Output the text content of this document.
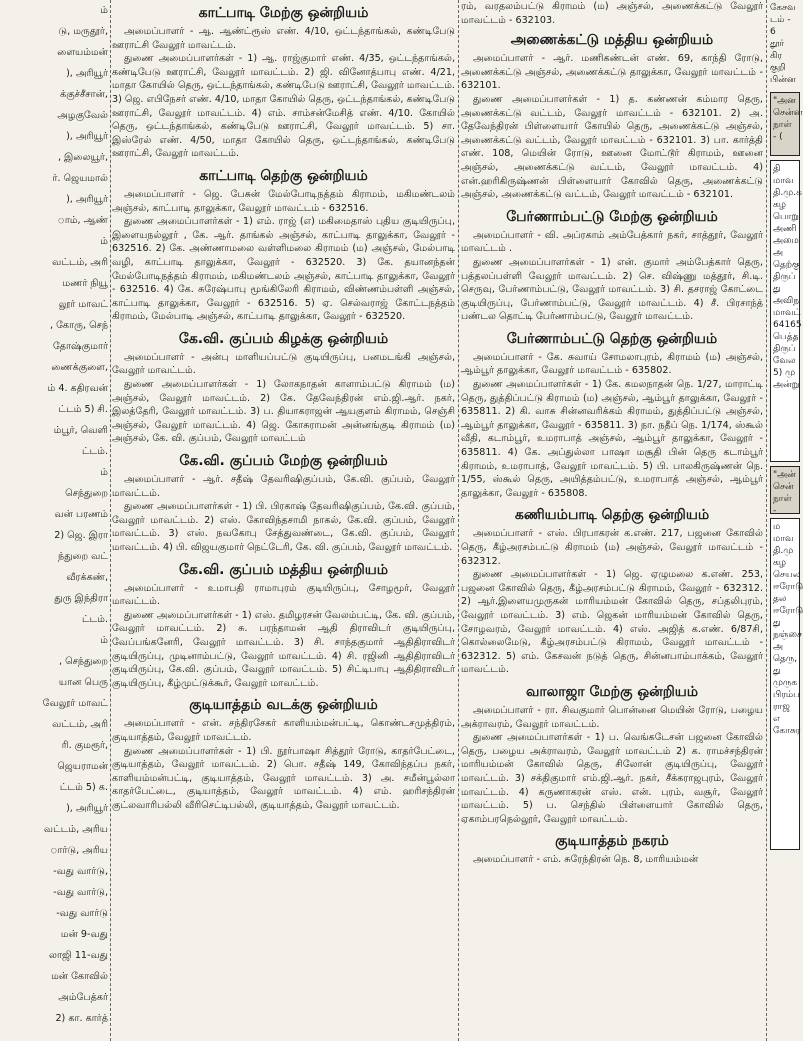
ம்

டு, மருதூர்,

ளையம்மன்

), அரியூர்

க்குச்சீசான்,

அழகுவேல்

), அரியூர்

, இலையூர்,

ர். ஜெயமால்

), அரியூர்

ாம், ஆண்

ம்

வட்டம், அரி

மணர் நியூ

லூர் மாவட்

, கோரு, செந்

தோஷ்குமார்

ணைக்குளை,

ம் 4. கதிரவன்

ட்டம் 5) சி.

ம்பூர், வெளி

ட்டம்.

ம்

செந்துறை

வன் பரணம்

2) ஜெ. இரா

ந்துறை வட்

வீரக்கண்,

துரு இந்திரா

ட்டம்.

ம்

, செந்துறை

யான பெரு

வேலூர் மாவட்

வட்டம், அரி

ரி. குமரூர்,

ஜெயராமன்

ட்டம் 5) க.

), அரியூர்

வட்டம், அரிய

ார்டு, அரிய

-வது வார்டு,

-வது வார்டு,

-வது வார்டு

மன் 9-வது

லாஜி 11-வது

மன் கோவில்

அம்பேத்கர்

2) கா. கார்த்

காட்பாடி மேற்கு ஒன்றியம்

அமைப்பாளர் - ஆ. ஆண்ட்ரூஸ் எண். 4/10, ஒட்டந்தாங்கல், கண்டிபேடு ஊராட்சி வேலூர் மாவட்டம்.

துணை அமைப்பாளர்கள் - 1) ஆ. ராஜ்குமார் எண். 4/35, ஒட்டந்தாங்கல், கண்டிபேடு ஊராட்சி, வேலூர் மாவட்டம். 2) ஜி. வினோத்பாபு எண். 4/21, மாதா கோயில் தெரு, ஒட்டந்தாங்கல், கண்டிபேடு ஊராட்சி, வேலூர் மாவட்டம். 3) ஜெ. எபிநேசர் எண். 4/10, மாதா கோயில் தெரு, ஒட்டந்தாங்கல், கண்டிபேடு ஊராட்சி, வேலூர் மாவட்டம். 4) எம். சாம்சன்மேசித் எண். 4/10. கோயில் தெரு, ஒட்டந்தாங்கல், கண்டிபேடு ஊராட்சி, வேலூர் மாவட்டம். 5) சா. இஸ்ரேல் எண். 4/50, மாதா கோயில் தெரு, ஒட்டந்தாங்கல், கண்டிபேடு ஊராட்சி, வேலூர் மாவட்டம்.

காட்பாடி தெற்கு ஒன்றியம்

அமைப்பாளர் - ஜெ. பேசுன் மேல்போடிநத்தம் கிராமம், மகிமண்டலம் அஞ்சல், காட்பாடி தாலுக்கா, வேலூர் மாவட்டம் - 632516.

துணை அமைப்பாளர்கள் - 1) எம். ராஜ் (எ) மகிமைதாஸ் புதிய குடியிருப்பு, இளையநல்லூர் , கே. ஆர். தாங்கல் அஞ்சல், காட்பாடி தாலுக்கா, வேலூர் - 632516. 2) கே. அண்ணாமலை வள்ளிமலை கிராமம் (ம) அஞ்சல், மேல்பாடி வழி, காட்பாடி தாலுக்கா, வேலூர் - 632520. 3) கே. தயானந்தன் மேல்போடிநத்தம் கிராமம், மகிமண்டலம் அஞ்சல், காட்பாடி தாலுக்கா, வேலூர் - 632516. 4) கே. சுரேஷ்பாபு மூங்கிலேரி கிராமம், விண்ணம்பள்ளி அஞ்சல், காட்பாடி தாலுக்கா, வேலூர் - 632516. 5) ஏ. செல்வராஜ் கோட்டநத்தம் கிராமம், மேல்பாடி அஞ்சல், காட்பாடி தாலுக்கா, வேலூர் - 632520.

கே.வி. குப்பம் கிழக்கு ஒன்றியம்

அமைப்பாளர் - அன்பு மாளியப்பட்டு குடியிருப்பு, பனமடங்கி அஞ்சல், வேலூர் மாவட்டம்.

துணை அமைப்பாளர்கள் - 1) லோகநாதன் காளாம்பட்டு கிராமம் (ம) அஞ்சல், வேலூர் மாவட்டம். 2) கே. தேவேந்திரன் எம்.ஜி.ஆர். நகர், இலத்தேரி, வேலூர் மாவட்டம். 3) ப. தியாகராஜன் ஆயகுளம் கிராமம், செஞ்சி அஞ்சல், வேலூர் மாவட்டம். 4) ஜெ. கோசுராமன் அன்னங்குடி கிராமம் (ம) அஞ்சல், கே. வி. குப்பம், வேலூர் மாவட்டம்

கே.வி. குப்பம் மேற்கு ஒன்றியம்

அமைப்பாளர் - ஆர். சதீஷ் தேவரிஷிகுப்பம், கே.வி. குப்பம், வேலூர் மாவட்டம்.

துணை அமைப்பாளர்கள் - 1) பி. பிரகாஷ் தேவரிஷிகுப்பம், கே.வி. குப்பம், வேலூர் மாவட்டம். 2) எஸ். கோவிந்தசாமி நாகல், கே.வி. குப்பம், வேலூர் மாவட்டம். 3) எஸ். நவகோபு சேத்துவண்டை, கே.வி. குப்பம், வேலூர் மாவட்டம். 4) பி. விஜயகுமார் நெட்டேரி, கே. வி. குப்பம், வேலூர் மாவட்டம்.

கே.வி. குப்பம் மத்திய ஒன்றியம்

அமைப்பாளர் - உமாபதி ராமாபுரம் குடியிருப்பு, சோழமூர், வேலூர் மாவட்டம்.

துணை அமைப்பாளர்கள் - 1) எஸ். தமிழரசன் வேலம்பட்டி, கே. வி. குப்பம், வேலூர் மாவட்டம். 2) சு. பரந்தாமன் ஆதி திராவிடர் குடியிருப்பு, வேப்பங்கனேரி, வேலூர் மாவட்டம். 3) சி. சாந்தகுமார் ஆதிதிராவிடர் குடியிருப்பு, முடினாம்பட்டு, வேலூர் மாவட்டம். 4) சி. ரஜினி ஆதிதிராவிடர் குடியிருப்பு, கே.வி. குப்பம், வேலூர் மாவட்டம். 5) சிட்டிபாபு ஆதிதிராவிடர் குடியிருப்பு, கீழ்முட்டுக்கூர், வேலூர் மாவட்டம்.

குடியாத்தம் வடக்கு ஒன்றியம்

அமைப்பாளர் - என். சந்திரசேகர் காளியம்மன்பட்டி, கொண்டசமுத்திரம், குடியாத்தம், வேலூர் மாவட்டம்.

துணை அமைப்பாளர்கள் - 1) பி. நூர்பாஷா சித்தூர் ரோடு, காதர்பேட்டை, குடியாத்தம், வேலூர் மாவட்டம். 2) பொ. சதீஷ் 149, கோவிந்தப்ப நகர், காளியம்மன்பட்டி, குடியாத்தம், வேலூர் மாவட்டம். 3) அ. சமீன்பூல்லா காதர்பேட்டை, குடியாத்தம், வேலூர் மாவட்டம். 4) எம். ஹரிசந்திரன் குட்லவாரிபல்லி வீரிசெட்டிபல்லி, குடியாத்தம், வேலூர் மாவட்டம்.

ரம், வரதலம்பட்டு கிராமம் (ம) அஞ்சல், அணைக்கட்டு வேலூர் மாவட்டம் - 632103.

அணைக்கட்டு மத்திய ஒன்றியம்

அமைப்பாளர் - ஆர். மணிகண்டன் எண். 69, காந்தி ரோடு, அணைக்கட்டு அஞ்சல், அணைக்கட்டு தாலுக்கா, வேலூர் மாவட்டம் - 632101.

துணை அமைப்பாளர்கள் - 1) த. கண்ணன் கம்மார தெரு, அணைக்கட்டு வட்டம், வேலூர் மாவட்டம் - 632101. 2) அ. தேவேந்திரன் பிள்ளையார் கோயில் தெரு, அணைக்கட்டு அஞ்சல், அணைக்கட்டு வட்டம், வேலூர் மாவட்டம் - 632101. 3) பா. கார்த்தி எண். 108, மெயின் ரோடு, ஊனை மோட்டூர் கிராமம், ஊனை அஞ்சல், அணைக்கட்டு வட்டம், வேலூர் மாவட்டம். 4) என்.ஹரிகிருஷ்ணன் பிள்ளையார் கோவில் தெரு, அணைக்கட்டு அஞ்சல், அணைக்கட்டு வட்டம், வேலூர் மாவட்டம் - 632101.

பேர்ணாம்பட்டு மேற்கு ஒன்றியம்

அமைப்பாளர் - வி. அப்ரகாம் அம்பேத்கார் நகர், சாத்தூர், வேலூர் மாவட்டம் .

துணை அமைப்பாளர்கள் - 1) என். குமார் அம்பேத்கார் தெரு, பத்தலப்பள்ளி வேலூர் மாவட்டம். 2) செ. விஷ்ணு மத்தூர், சி.டி. செருவு, பேர்ணாம்பட்டு, வேலூர் மாவட்டம். 3) சி. தசராஜ் கோட்டை குடியிருப்பு, பேர்ணாம்பட்டு, வேலூர் மாவட்டம். 4) சீ. பிரசாந்த் பண்டல தொட்டி பேர்ணாம்பட்டு, வேலூர் மாவட்டம்.

பேர்ணாம்பட்டு தெற்கு ஒன்றியம்

அமைப்பாளர் - கே. சுவாய் சோமலாபுரம், கிராமம் (ம) அஞ்சல், ஆம்பூர் தாலுக்கா, வேலூர் மாவட்டம் - 635802.

துணை அமைப்பாளர்கள் - 1) கே. கமலநாதன் நெ. 1/27, மாராட்டி தெரு, துத்திப்பட்டு கிராமம் (ம) அஞ்சல், ஆம்பூர் தாலுக்கா, வேலூர் - 635811. 2) கி. வாசு சின்னவரிக்கம் கிராமம், துத்திப்பட்டு அஞ்சல், ஆம்பூர் தாலுக்கா, வேலூர் - 635811. 3) நா. நதீப் நெ. 1/174, ஸ்கூல் வீதி, கடாம்பூர், உமராபாத் அஞ்சல், ஆம்பூர் தாலுக்கா, வேலூர் - 635811. 4) கே. அப்துல்லா பாஷா மசூதி பின் தெரு கடாம்பூர் கிராமம், உமராபாத், வேலூர் மாவட்டம். 5) பி. பாலகிருஷ்ணன் நெ. 1/55, ஸ்கூல் தெரு, அயித்தம்பட்டு, உமராபாத் அஞ்சல், ஆம்பூர் தாலுக்கா, வேலூர் - 635808.

கணியம்பாடி தெற்கு ஒன்றியம்

அமைப்பாளர் - எஸ். பிரபாகரன் க.எண். 217, பஜனை கோவில் தெரு, கீழ்அரசம்பட்டு கிராமம் (ம) அஞ்சல், வேலூர் மாவட்டம் - 632312.

துணை அமைப்பாளர்கள் - 1) ஜெ. ஏழுமலை க.எண். 253, பஜனை கோவில் தெரு, கீழ்அரசம்பட்டு கிராமம், வேலூர் - 632312. 2) ஆர்.இளையமுருகன் மாரியம்மன் கோவில் தெரு, சப்தலிபுரம், வேலூர் மாவட்டம். 3) எம். ஜெகன் மாரியம்மன் கோவில் தெரு, சோழவரம், வேலூர் மாவட்டம். 4) எஸ். அஜித் க.எண். 6/87சி, கொல்லைமேடு, கீழ்அரசம்பட்டு கிராமம், வேலூர் மாவட்டம் - 632312. 5) எம். கேசவன் நடுத் தெரு, சின்னபாம்பாக்கம், வேலூர் மாவட்டம்.

வாலாஜா மேற்கு ஒன்றியம்

அமைப்பாளர் - ரா. சிவகுமார் பொன்னை மெயின் ரோடு, பழைய அக்ராவரம், வேலூர் மாவட்டம்.

துணை அமைப்பாளர்கள் - 1) ப. வெங்கடேசன் பஜனை கோவில் தெரு, பழைய அக்ராவரம், வேலூர் மாவட்டம் 2) க. ராமச்சந்திரன் மாரியம்மன் கோவில் தெரு, சிலோன் குடியிருப்பு, வேலூர் மாவட்டம். 3) சக்திகுமார் எம்.ஜி.ஆர். நகர், சீக்கராஜபுரம், வேலூர் மாவட்டம். 4) கருணாகரன் எஸ். என். புரம், வசூர், வேலூர் மாவட்டம். 5) ப. செந்தில் பிள்ளையார் கோவில் தெரு, ஏகாம்பரநெல்லூர், வேலூர் மாவட்டம்.

குடியாத்தம் நகரம்

அமைப்பாளர் - எம். சுரேந்திரன் நெ. 8, மாரியம்மன்

கேசவ
டம் - 6
தூர் கிர
குறி
பின்ன
"அன
சென்ன
நாள் - (
தி
மாவ
தி.மு.க
கழ
பொறு
அணி
அமை
அ
தெற்கு
திருப்
து
அவிந
மாவட்
64165
பெத்த
திருப்
வேல
5) மு
அன்று
"அன்
சென்
நாள் -
ம
மாவ
தி.மு
கழ
செயல
ஈரோடு
தல
ஈரோடு
து
நஞ்சை
அ
தெரு,
து
முருக
பிரம்ப
ராஜ எ
கோசுர
